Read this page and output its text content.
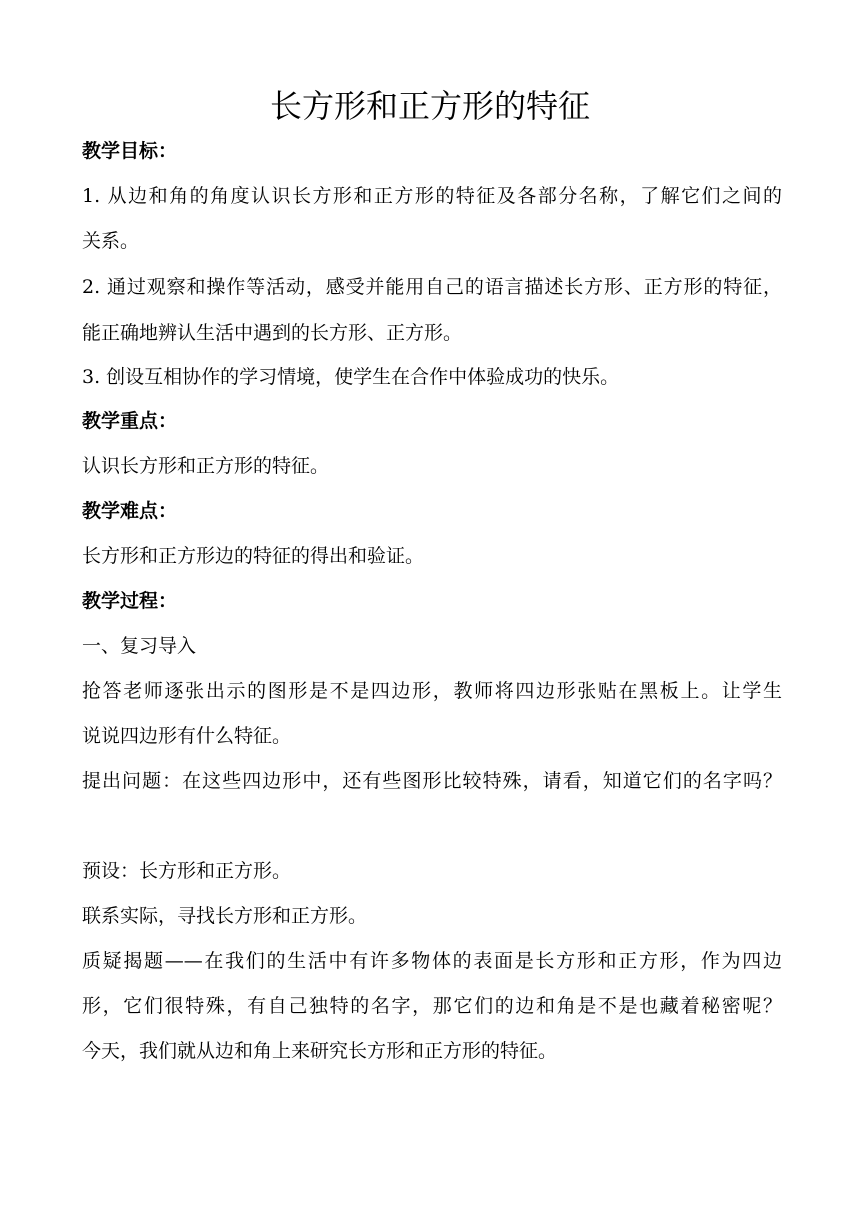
长方形和正方形的特征

教学目标：

1. 从边和角的角度认识长方形和正方形的特征及各部分名称，了解它们之间的

关系。

2. 通过观察和操作等活动，感受并能用自己的语言描述长方形、正方形的特征，

能正确地辨认生活中遇到的长方形、正方形。

3. 创设互相协作的学习情境，使学生在合作中体验成功的快乐。

教学重点：

认识长方形和正方形的特征。

教学难点：

长方形和正方形边的特征的得出和验证。

教学过程：

一、复习导入

抢答老师逐张出示的图形是不是四边形，教师将四边形张贴在黑板上。让学生

说说四边形有什么特征。

提出问题：在这些四边形中，还有些图形比较特殊，请看，知道它们的名字吗？

预设：长方形和正方形。

联系实际，寻找长方形和正方形。

质疑揭题——在我们的生活中有许多物体的表面是长方形和正方形，作为四边

形，它们很特殊，有自己独特的名字，那它们的边和角是不是也藏着秘密呢？

今天，我们就从边和角上来研究长方形和正方形的特征。
